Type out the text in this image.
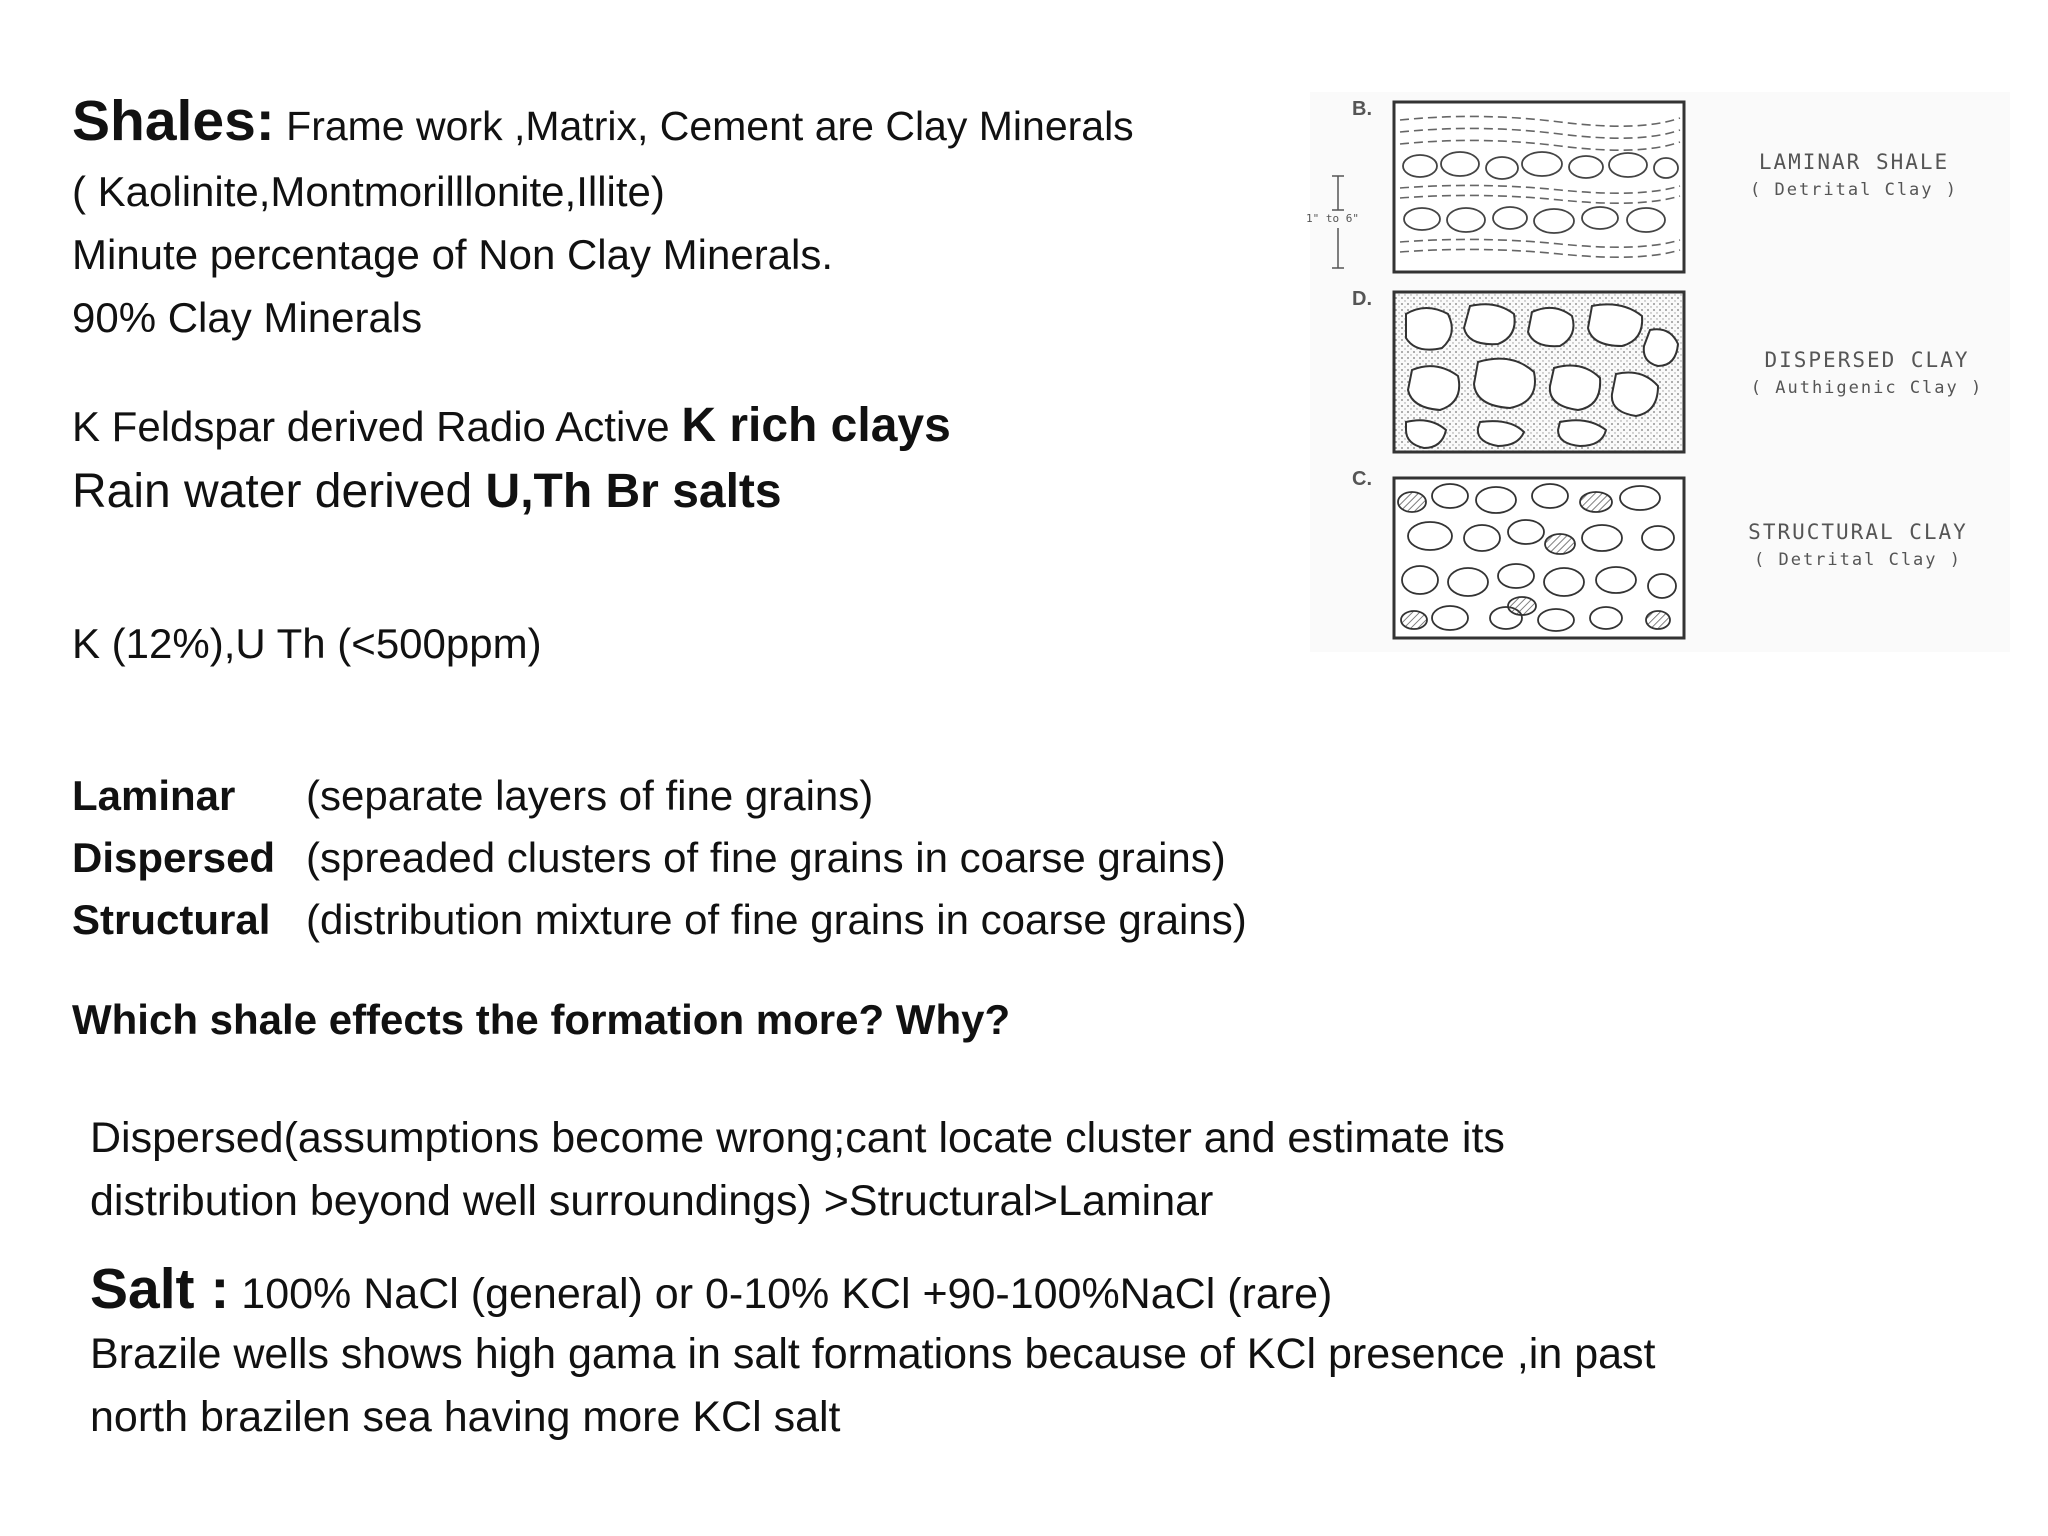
Shales: Frame work ,Matrix, Cement are Clay Minerals
( Kaolinite,Montmorilllonite,Illite)
Minute percentage of Non Clay Minerals.
90% Clay Minerals
K Feldspar derived Radio Active K rich clays
Rain water derived U,Th Br salts
K (12%),U Th (<500ppm)
Laminar (separate layers of fine grains)
Dispersed (spreaded clusters of fine grains in coarse grains)
Structural (distribution mixture of fine grains in coarse grains)
Which shale effects the formation more? Why?
Dispersed(assumptions become wrong;cant locate cluster and estimate its
distribution beyond well surroundings) >Structural>Laminar
Salt : 100% NaCl (general) or 0-10% KCl +90-100%NaCl (rare)
Brazile wells shows high gama in salt formations because of KCl presence ,in past
north brazilen sea having more KCl salt
B.
D.
C.
1" to 6"
LAMINAR SHALE
( Detrital Clay )
DISPERSED CLAY
( Authigenic Clay )
STRUCTURAL CLAY
( Detrital Clay )
